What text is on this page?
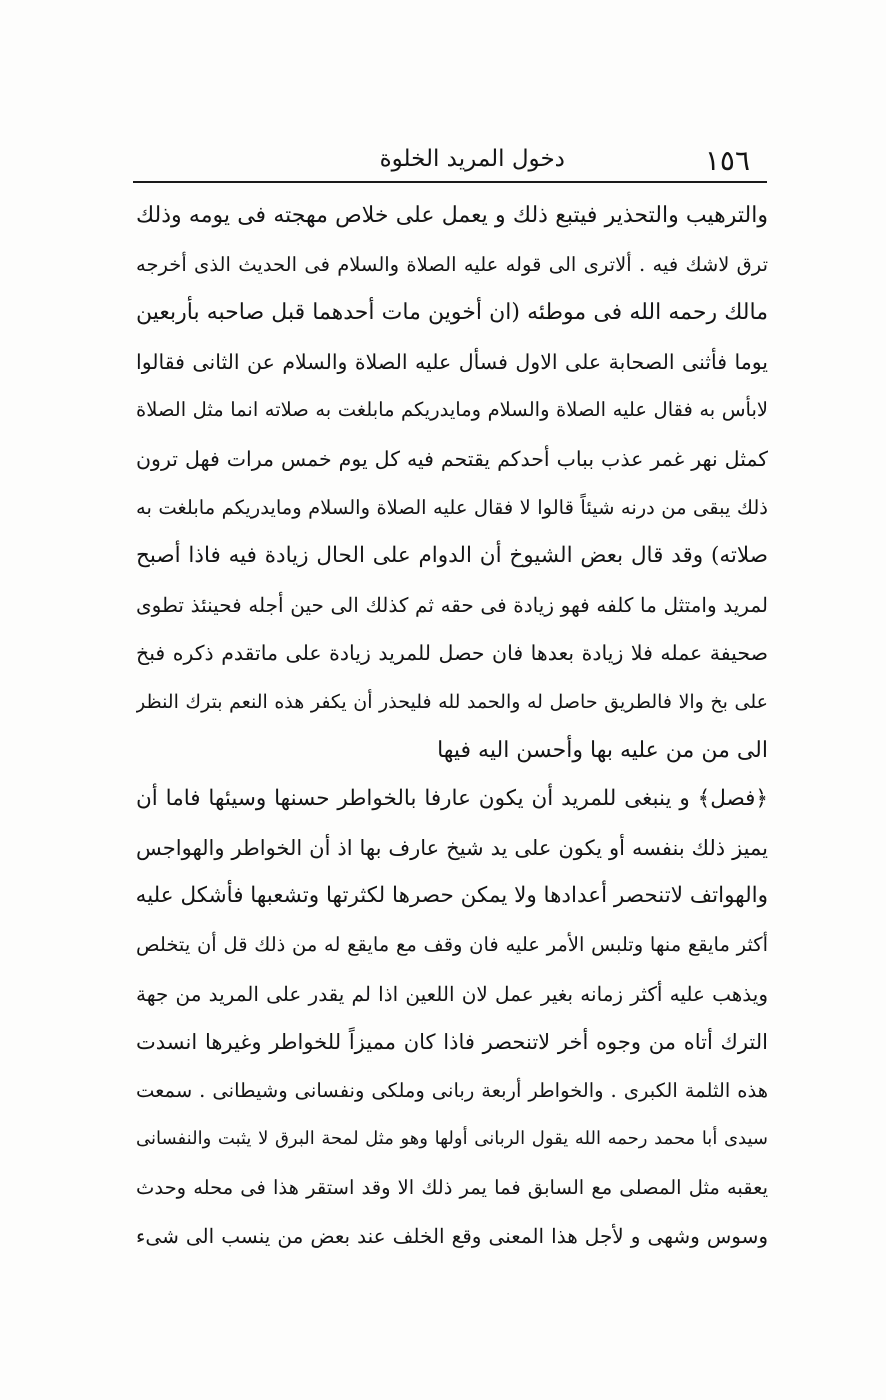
١٥٦
دخول المريد الخلوة
والترهيب والتحذير فيتبع ذلك و يعمل على خلاص مهجته فى يومه وذلك
ترق لاشك فيه . ألاترى الى قوله عليه الصلاة والسلام فى الحديث الذى أخرجه
مالك رحمه الله فى موطئه (ان أخوين مات أحدهما قبل صاحبه بأربعين
يوما فأثنى الصحابة على الاول فسأل عليه الصلاة والسلام عن الثانى فقالوا
لابأس به فقال عليه الصلاة والسلام ومايدريكم مابلغت به صلاته انما مثل الصلاة
كمثل نهر غمر عذب بباب أحدكم يقتحم فيه كل يوم خمس مرات فهل ترون
ذلك يبقى من درنه شيئاً قالوا لا فقال عليه الصلاة والسلام ومايدريكم مابلغت به
صلاته) وقد قال بعض الشيوخ أن الدوام على الحال زيادة فيه فاذا أصبح
لمريد وامتثل ما كلفه فهو زيادة فى حقه ثم كذلك الى حين أجله فحينئذ تطوى
صحيفة عمله فلا زيادة بعدها فان حصل للمريد زيادة على ماتقدم ذكره فبخ
على بخ والا فالطريق حاصل له والحمد لله فليحذر أن يكفر هذه النعم بترك النظر
الى من من عليه بها وأحسن اليه فيها
﴿فصل﴾ و ينبغى للمريد أن يكون عارفا بالخواطر حسنها وسيئها فاما أن
يميز ذلك بنفسه أو يكون على يد شيخ عارف بها اذ أن الخواطر والهواجس
والهواتف لاتنحصر أعدادها ولا يمكن حصرها لكثرتها وتشعبها فأشكل عليه
أكثر مايقع منها وتلبس الأمر عليه فان وقف مع مايقع له من ذلك قل أن يتخلص
ويذهب عليه أكثر زمانه بغير عمل لان اللعين اذا لم يقدر على المريد من جهة
الترك أتاه من وجوه أخر لاتنحصر فاذا كان مميزاً للخواطر وغيرها انسدت
هذه الثلمة الكبرى . والخواطر أربعة ربانى وملكى ونفسانى وشيطانى . سمعت
سيدى أبا محمد رحمه الله يقول الربانى أولها وهو مثل لمحة البرق لا يثبت والنفسانى
يعقبه مثل المصلى مع السابق فما يمر ذلك الا وقد استقر هذا فى محله وحدث
وسوس وشهى و لأجل هذا المعنى وقع الخلف عند بعض من ينسب الى شىء
